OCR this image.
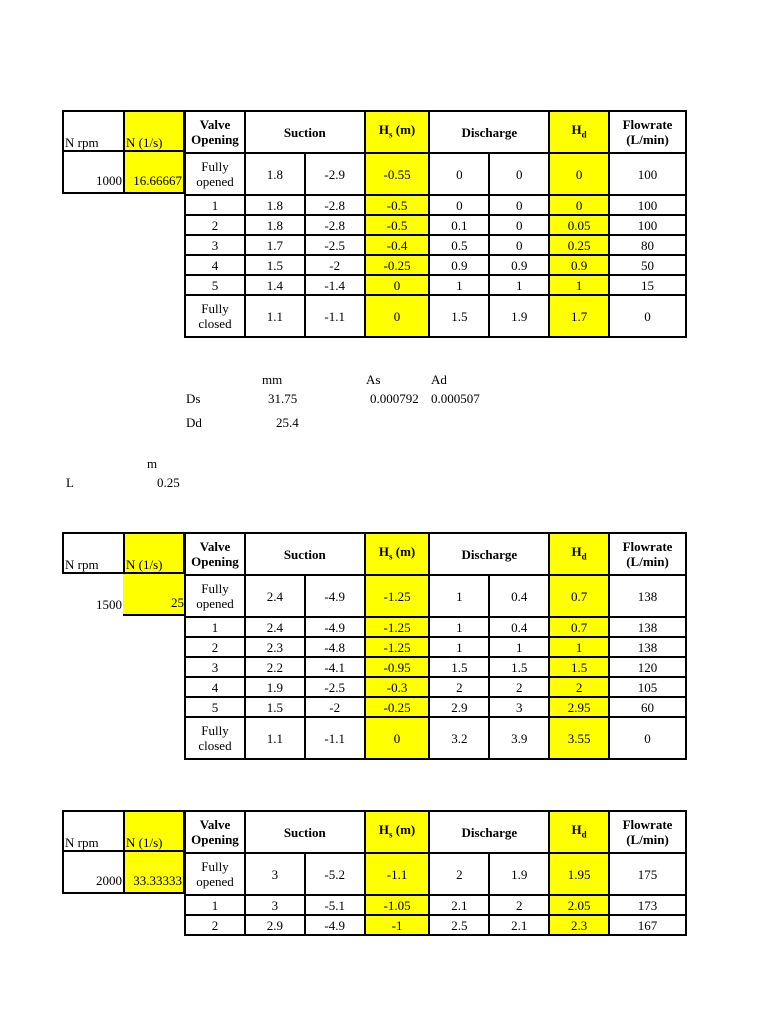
N rpm N (1/s)
1000 16.66667
Valve
Opening	Suction		$H_s$ (m)	Discharge		$H_d$	Flowrate
(L/min)
Fully
opened	1.8	-2.9	-0.55	0	0	0	100
1	1.8	-2.8	-0.5	0	0	0	100
2	1.8	-2.8	-0.5	0.1	0	0.05	100
3	1.7	-2.5	-0.4	0.5	0	0.25	80
4	1.5	-2	-0.25	0.9	0.9	0.9	50
5	1.4	-1.4	0	1	1	1	15
Fully
closed	1.1	-1.1	0	1.5	1.9	1.7	0
mm	As	Ad
Ds	31.75	0.000792 0.000507
Dd	25.4
m
L	0.25
N rpm N (1/s)
1500	25
Valve
Opening	Suction		$H_s$ (m)	Discharge		$H_d$	Flowrate
(L/min)
Fully
opened	2.4	-4.9	-1.25	1	0.4	0.7	138
1	2.4	-4.9	-1.25	1	0.4	0.7	138
2	2.3	-4.8	-1.25	1	1	1	138
3	2.2	-4.1	-0.95	1.5	1.5	1.5	120
4	1.9	-2.5	-0.3	2	2	2	105
5	1.5	-2	-0.25	2.9	3	2.95	60
Fully
closed	1.1	-1.1	0	3.2	3.9	3.55	0
N rpm N (1/s)
2000 33.33333
Valve
Opening	Suction		$H_s$ (m)	Discharge		$H_d$	Flowrate
(L/min)
Fully
opened	3	-5.2	-1.1	2	1.9	1.95	175
1	3	-5.1	-1.05	2.1	2	2.05	173
2	2.9	-4.9	-1	2.5	2.1	2.3	167
